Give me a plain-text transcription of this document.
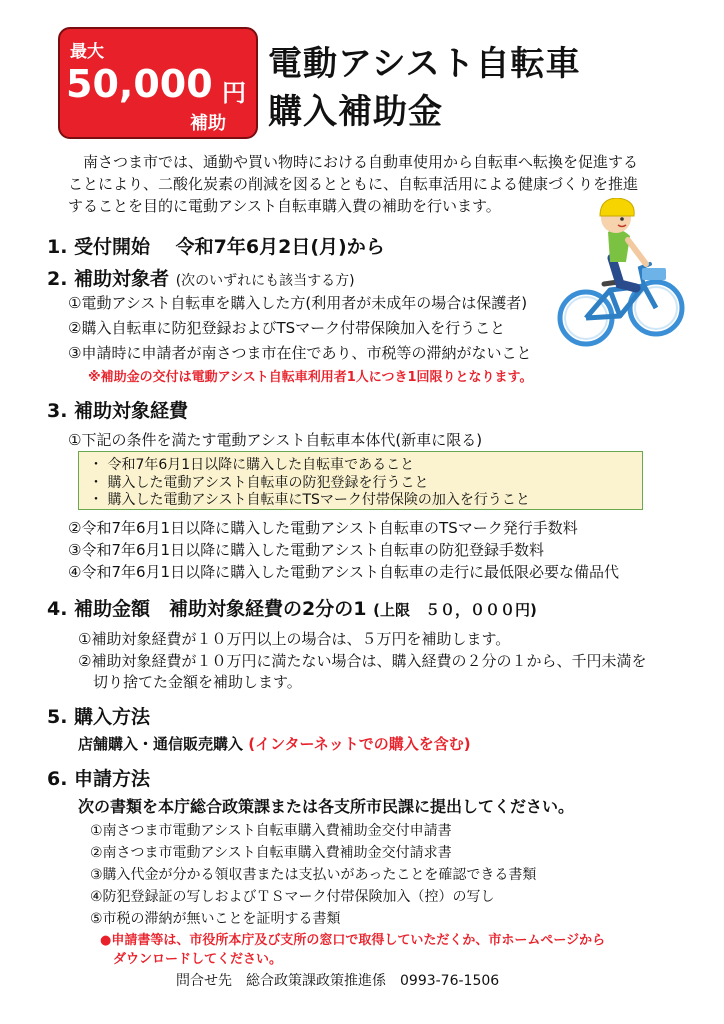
最大
50,000 円
補助
電動アシスト自転車
購入補助金
　南さつま市では、通勤や買い物時における自動車使用から自転車へ転換を促進する
ことにより、二酸化炭素の削減を図るとともに、自転車活用による健康づくりを推進
することを目的に電動アシスト自転車購入費の補助を行います。
1. 受付開始　 令和7年6月2日(月)から
2. 補助対象者 (次のいずれにも該当する方)
①電動アシスト自転車を購入した方(利用者が未成年の場合は保護者)
②購入自転車に防犯登録およびTSマーク付帯保険加入を行うこと
③申請時に申請者が南さつま市在住であり、市税等の滞納がないこと
※補助金の交付は電動アシスト自転車利用者1人につき1回限りとなります。
3. 補助対象経費
①下記の条件を満たす電動アシスト自転車本体代(新車に限る)
・ 令和7年6月1日以降に購入した自転車であること
・ 購入した電動アシスト自転車の防犯登録を行うこと
・ 購入した電動アシスト自転車にTSマーク付帯保険の加入を行うこと
②令和7年6月1日以降に購入した電動アシスト自転車のTSマーク発行手数料
③令和7年6月1日以降に購入した電動アシスト自転車の防犯登録手数料
④令和7年6月1日以降に購入した電動アシスト自転車の走行に最低限必要な備品代
4. 補助金額　補助対象経費の2分の1 (上限　５０，０００円)
①補助対象経費が１０万円以上の場合は、５万円を補助します。
②補助対象経費が１０万円に満たない場合は、購入経費の２分の１から、千円未満を
　切り捨てた金額を補助します。
5. 購入方法
店舗購入・通信販売購入 (インターネットでの購入を含む)
6. 申請方法
次の書類を本庁総合政策課または各支所市民課に提出してください。
①南さつま市電動アシスト自転車購入費補助金交付申請書
②南さつま市電動アシスト自転車購入費補助金交付請求書
③購入代金が分かる領収書または支払いがあったことを確認できる書類
④防犯登録証の写しおよびＴＳマーク付帯保険加入（控）の写し
⑤市税の滞納が無いことを証明する書類
●申請書等は、市役所本庁及び支所の窓口で取得していただくか、市ホームページから
　ダウンロードしてください。
問合せ先　総合政策課政策推進係　0993-76-1506
